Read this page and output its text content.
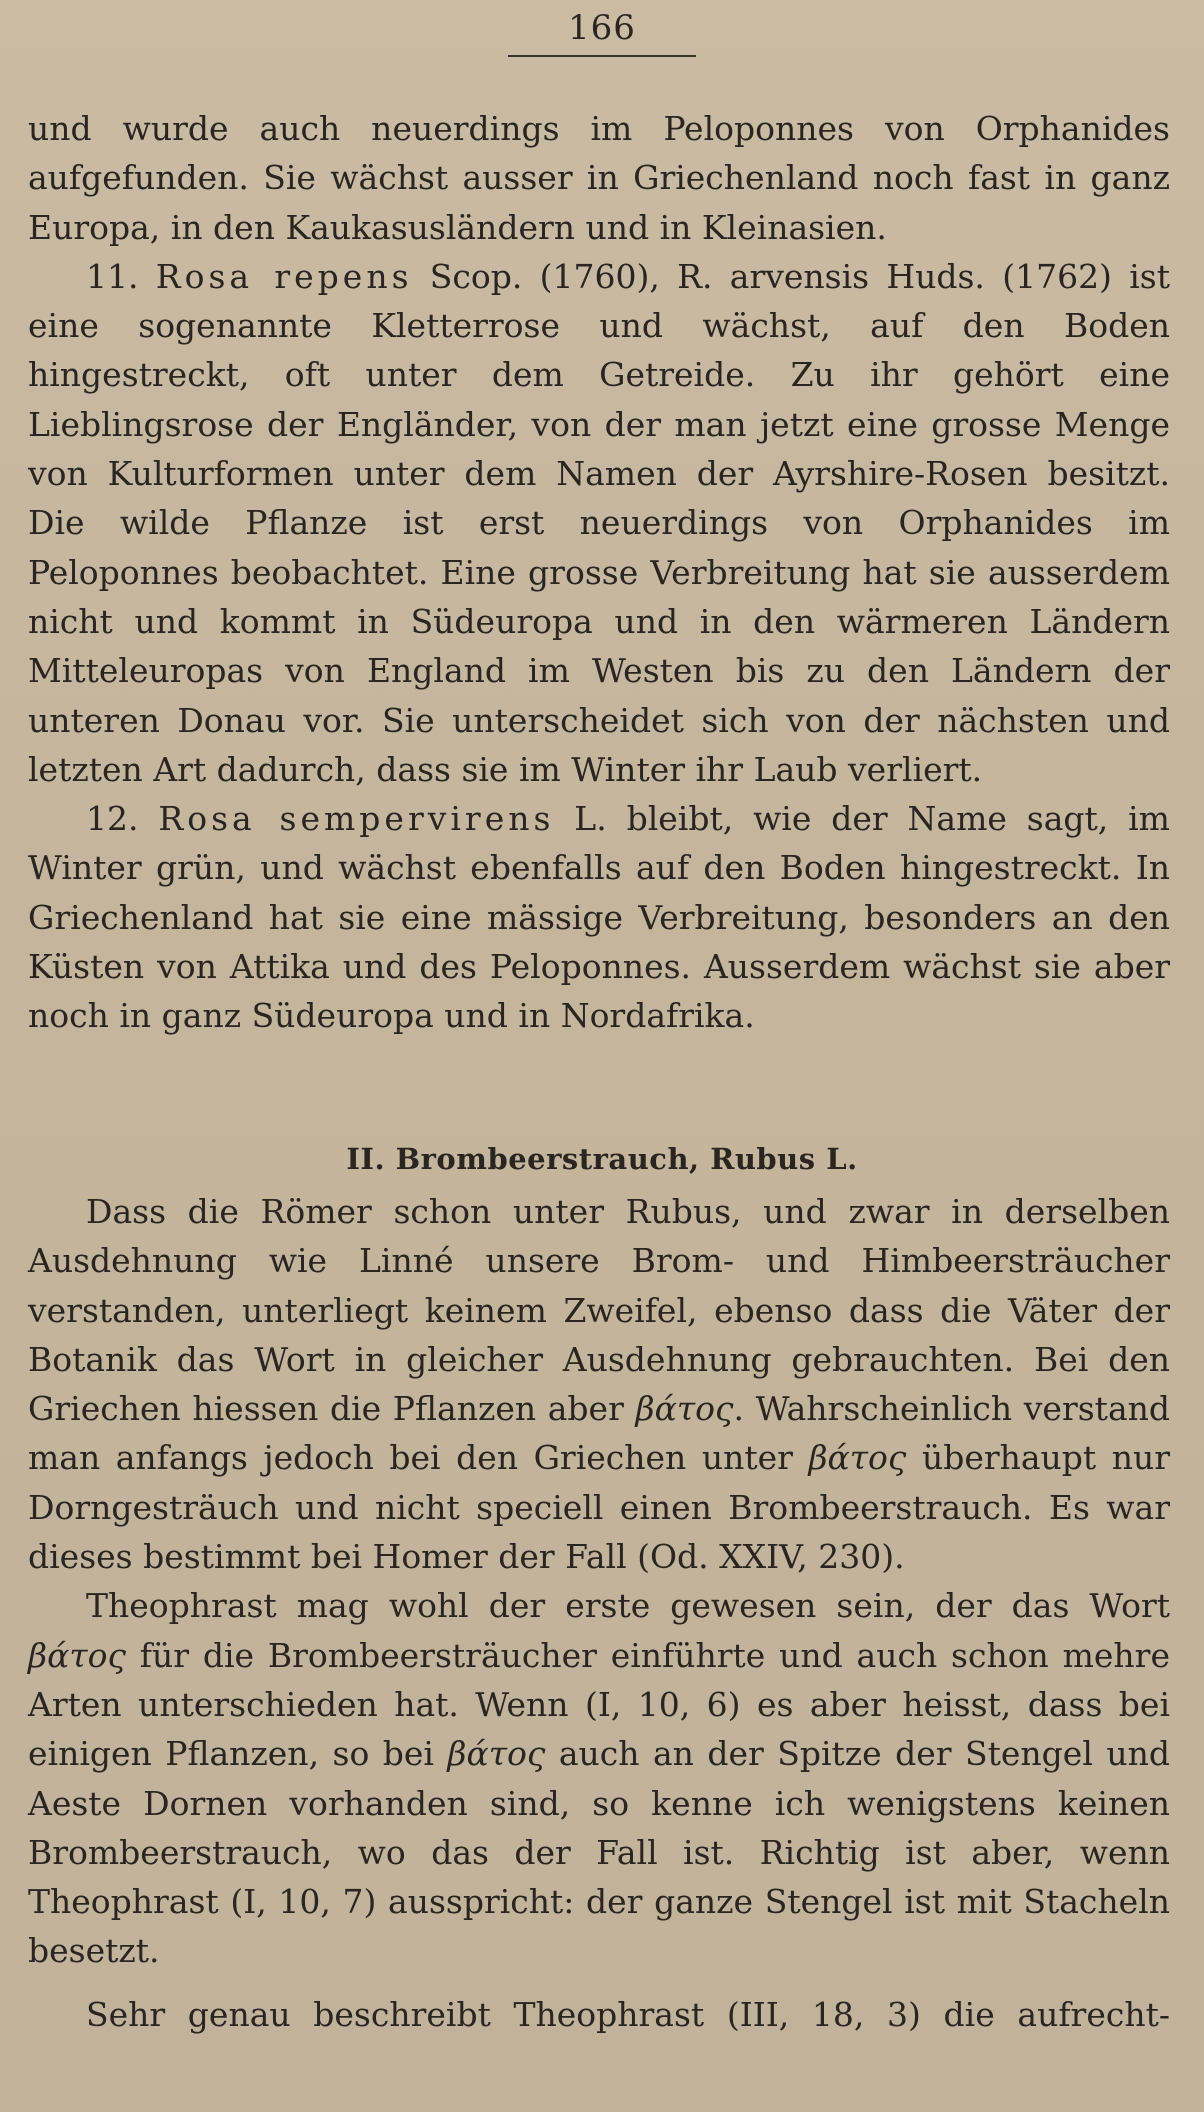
166

und wurde auch neuerdings im Peloponnes von Orphanides aufgefunden. Sie wächst ausser in Griechenland noch fast in ganz Europa, in den Kaukasusländern und in Kleinasien.

11. Rosa repens Scop. (1760), R. arvensis Huds. (1762) ist eine sogenannte Kletterrose und wächst, auf den Boden hingestreckt, oft unter dem Getreide. Zu ihr gehört eine Lieblingsrose der Engländer, von der man jetzt eine grosse Menge von Kulturformen unter dem Namen der Ayrshire-Rosen besitzt. Die wilde Pflanze ist erst neuerdings von Orphanides im Peloponnes beobachtet. Eine grosse Verbreitung hat sie ausserdem nicht und kommt in Südeuropa und in den wärmeren Ländern Mitteleuropas von England im Westen bis zu den Ländern der unteren Donau vor. Sie unterscheidet sich von der nächsten und letzten Art dadurch, dass sie im Winter ihr Laub verliert.

12. Rosa sempervirens L. bleibt, wie der Name sagt, im Winter grün, und wächst ebenfalls auf den Boden hingestreckt. In Griechenland hat sie eine mässige Verbreitung, besonders an den Küsten von Attika und des Peloponnes. Ausserdem wächst sie aber noch in ganz Südeuropa und in Nordafrika.

II. Brombeerstrauch, Rubus L.

Dass die Römer schon unter Rubus, und zwar in derselben Ausdehnung wie Linné unsere Brom- und Himbeersträucher verstanden, unterliegt keinem Zweifel, ebenso dass die Väter der Botanik das Wort in gleicher Ausdehnung gebrauchten. Bei den Griechen hiessen die Pflanzen aber βάτος. Wahrscheinlich verstand man anfangs jedoch bei den Griechen unter βάτος überhaupt nur Dorngesträuch und nicht speciell einen Brombeerstrauch. Es war dieses bestimmt bei Homer der Fall (Od. XXIV, 230).

Theophrast mag wohl der erste gewesen sein, der das Wort βάτος für die Brombeersträucher einführte und auch schon mehre Arten unterschieden hat. Wenn (I, 10, 6) es aber heisst, dass bei einigen Pflanzen, so bei βάτος auch an der Spitze der Stengel und Aeste Dornen vorhanden sind, so kenne ich wenigstens keinen Brombeerstrauch, wo das der Fall ist. Richtig ist aber, wenn Theophrast (I, 10, 7) ausspricht: der ganze Stengel ist mit Stacheln besetzt.

Sehr genau beschreibt Theophrast (III, 18, 3) die aufrecht-
